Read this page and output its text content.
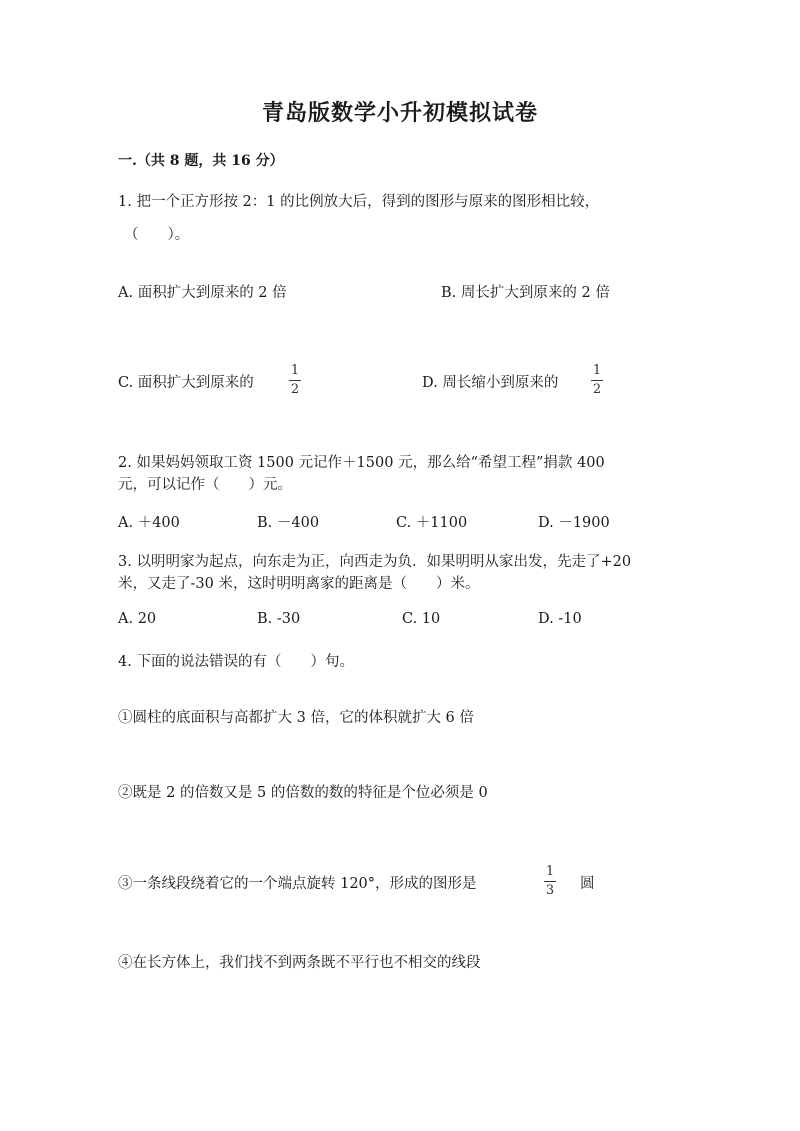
青岛版数学小升初模拟试卷
一.（共 8 题，共 16 分）
1. 把一个正方形按 2：1 的比例放大后，得到的图形与原来的图形相比较，
（　　）。
A. 面积扩大到原来的 2 倍	B. 周长扩大到原来的 2 倍
C. 面积扩大到原来的
1
2	D. 周长缩小到原来的
1
2
2. 如果妈妈领取工资 1500 元记作＋1500 元，那么给“希望工程”捐款 400
元，可以记作（　　）元。
A. ＋400	B. －400	C. ＋1100	D. －1900
3. 以明明家为起点，向东走为正，向西走为负．如果明明从家出发，先走了+20
米，又走了-30 米，这时明明离家的距离是（　　）米。
A. 20	B. -30	C. 10	D. -10
4. 下面的说法错误的有（　　）句。
①圆柱的底面积与高都扩大 3 倍，它的体积就扩大 6 倍
②既是 2 的倍数又是 5 的倍数的数的特征是个位必须是 0
③一条线段绕着它的一个端点旋转 120°，形成的图形是
1
3 圆
④在长方体上，我们找不到两条既不平行也不相交的线段
